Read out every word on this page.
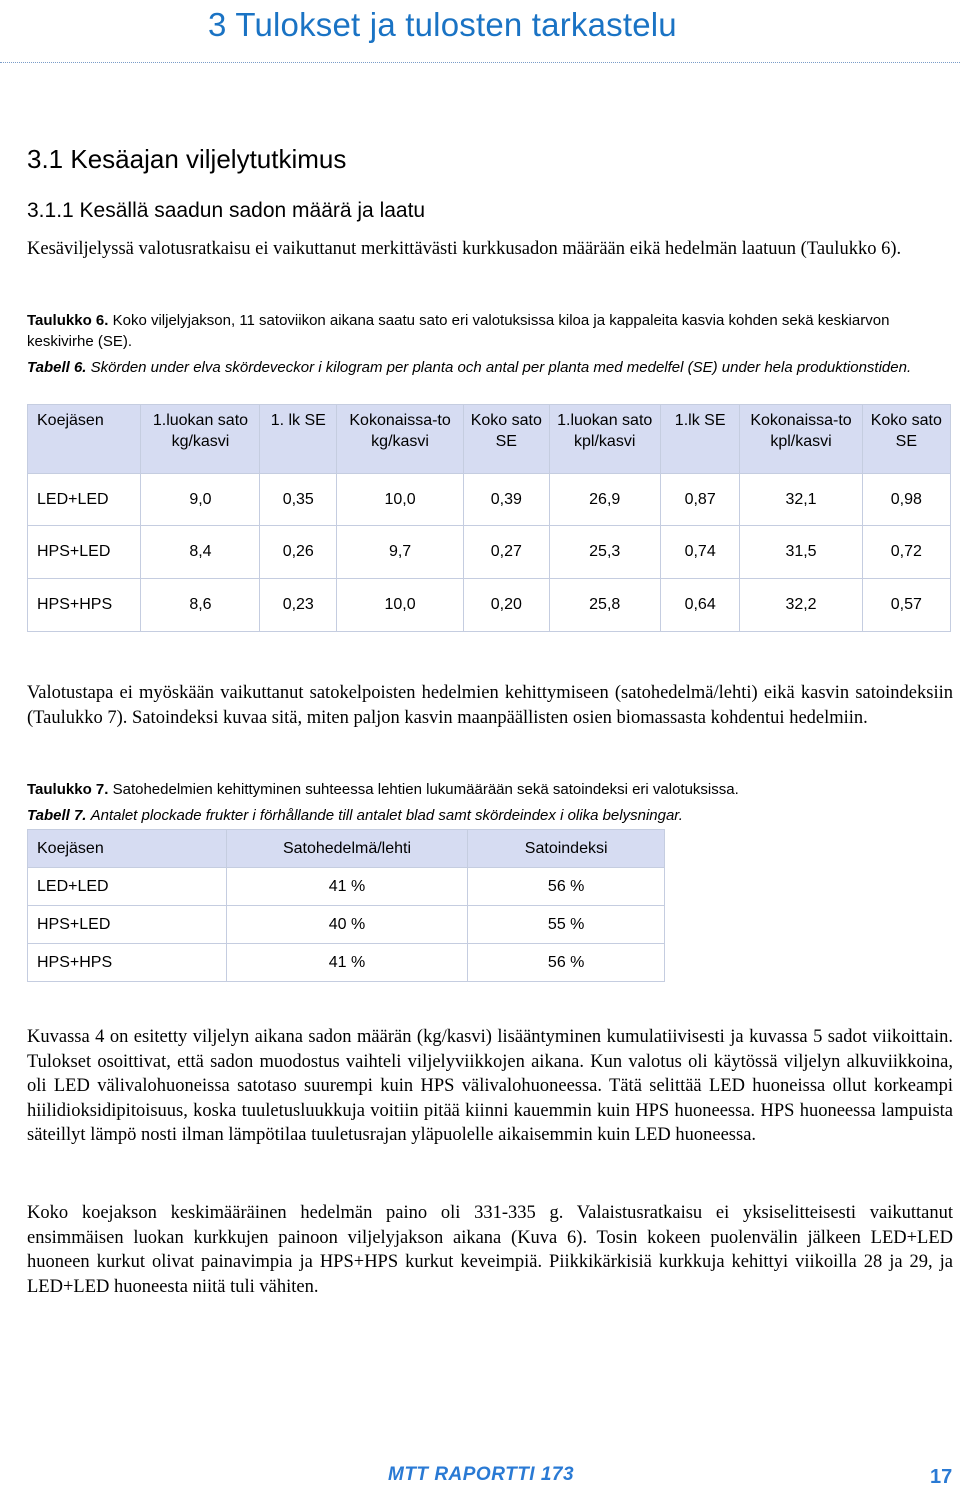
3 Tulokset ja tulosten tarkastelu
3.1 Kesäajan viljelytutkimus
3.1.1 Kesällä saadun sadon määrä ja laatu

Kesäviljelyssä valotusratkaisu ei vaikuttanut merkittävästi kurkkusadon määrään eikä hedelmän laatuun (Taulukko 6).

Taulukko 6. Koko viljelyjakson, 11 satoviikon aikana saatu sato eri valotuksissa kiloa ja kappaleita kasvia kohden sekä keskiarvon keskivirhe (SE).

Tabell 6. Skörden under elva skördeveckor i kilogram per planta och antal per planta med medelfel (SE) under hela produktionstiden.

Koejäsen	1.luokan sato kg/kasvi	1. lk SE	Kokonaissa-to kg/kasvi	Koko sato SE	1.luokan sato kpl/kasvi	1.lk SE	Kokonaissa-to kpl/kasvi	Koko sato SE
LED+LED	9,0	0,35	10,0	0,39	26,9	0,87	32,1	0,98
HPS+LED	8,4	0,26	9,7	0,27	25,3	0,74	31,5	0,72
HPS+HPS	8,6	0,23	10,0	0,20	25,8	0,64	32,2	0,57

Valotustapa ei myöskään vaikuttanut satokelpoisten hedelmien kehittymiseen (satohedelmä/lehti) eikä kasvin satoindeksiin (Taulukko 7). Satoindeksi kuvaa sitä, miten paljon kasvin maanpäällisten osien biomassasta kohdentui hedelmiin.

Taulukko 7. Satohedelmien kehittyminen suhteessa lehtien lukumäärään sekä satoindeksi eri valotuksissa.

Tabell 7. Antalet plockade frukter i förhållande till antalet blad samt skördeindex i olika belysningar.

Koejäsen	Satohedelmä/lehti	Satoindeksi
LED+LED	41 %	56 %
HPS+LED	40 %	55 %
HPS+HPS	41 %	56 %

Kuvassa 4 on esitetty viljelyn aikana sadon määrän (kg/kasvi) lisääntyminen kumulatiivisesti ja kuvassa 5 sadot viikoittain. Tulokset osoittivat, että sadon muodostus vaihteli viljelyviikkojen aikana. Kun valotus oli käytössä viljelyn alkuviikkoina, oli LED välivalohuoneissa satotaso suurempi kuin HPS välivalohuoneessa. Tätä selittää LED huoneissa ollut korkeampi hiilidioksidipitoisuus, koska tuuletusluukkuja voitiin pitää kiinni kauemmin kuin HPS huoneessa. HPS huoneessa lampuista säteillyt lämpö nosti ilman lämpötilaa tuuletusrajan yläpuolelle aikaisemmin kuin LED huoneessa.

Koko koejakson keskimääräinen hedelmän paino oli 331-335 g. Valaistusratkaisu ei yksiselitteisesti vaikuttanut ensimmäisen luokan kurkkujen painoon viljelyjakson aikana (Kuva 6). Tosin kokeen puolenvälin jälkeen LED+LED huoneen kurkut olivat painavimpia ja HPS+HPS kurkut keveimpiä. Piikkikärkisiä kurkkuja kehittyi viikoilla 28 ja 29, ja LED+LED huoneesta niitä tuli vähiten.

MTT RAPORTTI 173	17
